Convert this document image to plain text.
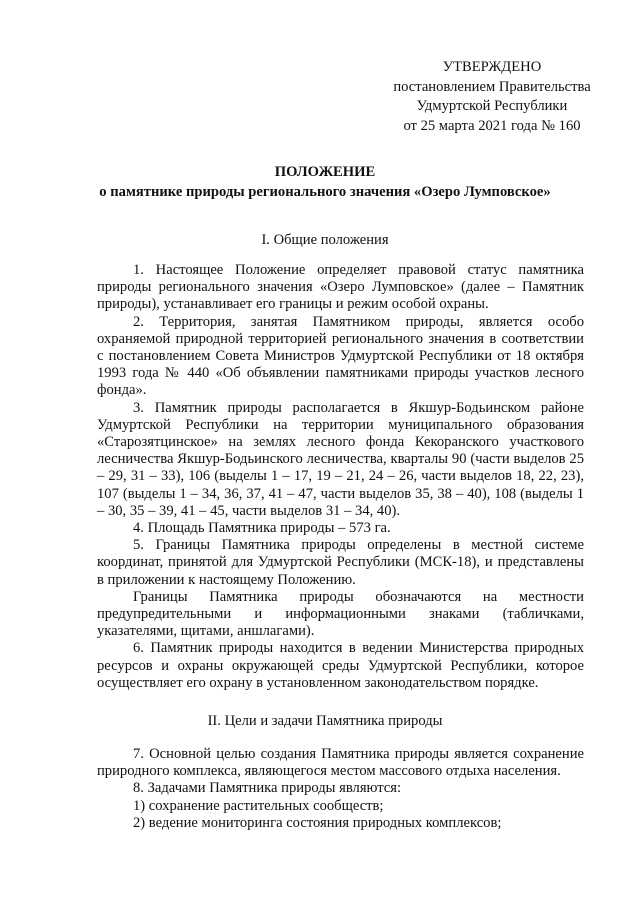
УТВЕРЖДЕНО
постановлением Правительства
Удмуртской Республики
от 25 марта 2021 года № 160
ПОЛОЖЕНИЕ
о памятнике природы регионального значения «Озеро Лумповское»
I. Общие положения

1. Настоящее Положение определяет правовой статус памятника природы регионального значения «Озеро Лумповское» (далее – Памятник природы), устанавливает его границы и режим особой охраны.

2. Территория, занятая Памятником природы, является особо охраняемой природной территорией регионального значения в соответствии с постановлением Совета Министров Удмуртской Республики от 18 октября 1993 года № 440 «Об объявлении памятниками природы участков лесного фонда».

3. Памятник природы располагается в Якшур-Бодьинском районе Удмуртской Республики на территории муниципального образования «Старозятцинское» на землях лесного фонда Кекоранского участкового лесничества Якшур-Бодьинского лесничества, кварталы 90 (части выделов 25 – 29, 31 – 33), 106 (выделы 1 – 17, 19 – 21, 24 – 26, части выделов 18, 22, 23), 107 (выделы 1 – 34, 36, 37, 41 – 47, части выделов 35, 38 – 40), 108 (выделы 1 – 30, 35 – 39, 41 – 45, части выделов 31 – 34, 40).

4. Площадь Памятника природы – 573 га.

5. Границы Памятника природы определены в местной системе координат, принятой для Удмуртской Республики (МСК-18), и представлены в приложении к настоящему Положению.

Границы Памятника природы обозначаются на местности предупредительными и информационными знаками (табличками, указателями, щитами, аншлагами).

6. Памятник природы находится в ведении Министерства природных ресурсов и охраны окружающей среды Удмуртской Республики, которое осуществляет его охрану в установленном законодательством порядке.

II. Цели и задачи Памятника природы

7. Основной целью создания Памятника природы является сохранение природного комплекса, являющегося местом массового отдыха населения.

8. Задачами Памятника природы являются:

1) сохранение растительных сообществ;

2) ведение мониторинга состояния природных комплексов;
